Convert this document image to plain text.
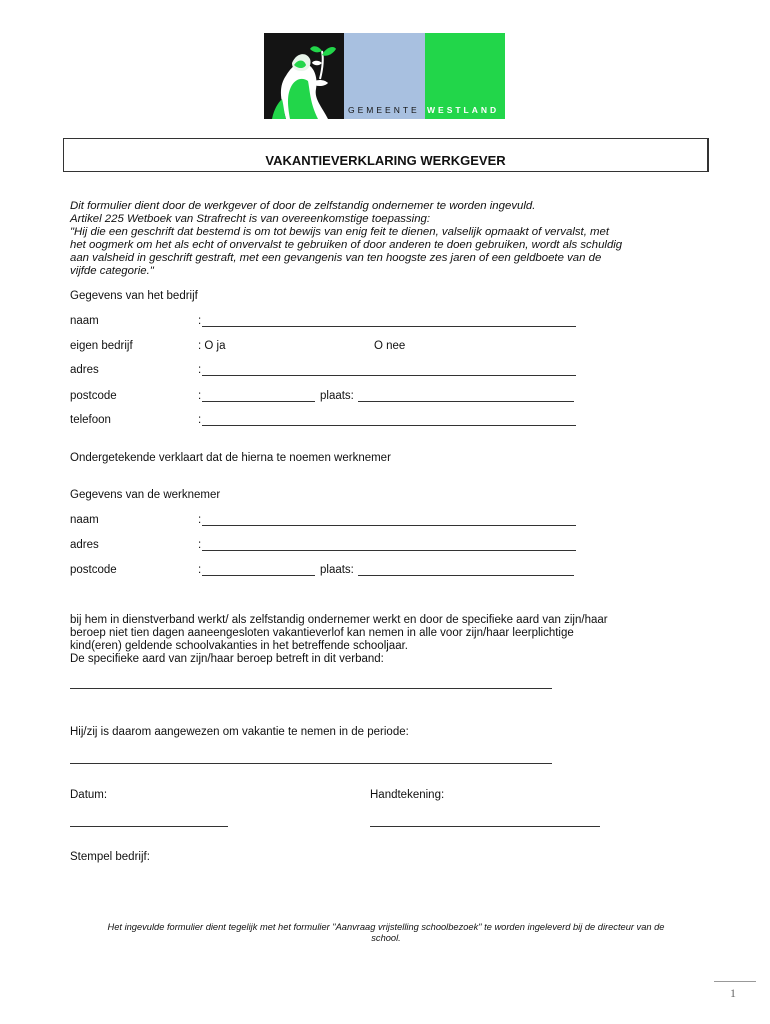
GEMEENTE WESTLAND
VAKANTIEVERKLARING WERKGEVER
Dit formulier dient door de werkgever of door de zelfstandig ondernemer te worden ingevuld.
Artikel 225 Wetboek van Strafrecht is van overeenkomstige toepassing:
"Hij die een geschrift dat bestemd is om tot bewijs van enig feit te dienen, valselijk opmaakt of vervalst, met
het oogmerk om het als echt of onvervalst te gebruiken of door anderen te doen gebruiken, wordt als schuldig
aan valsheid in geschrift gestraft, met een gevangenis van ten hoogste zes jaren of een geldboete van de
vijfde categorie."
Gegevens van het bedrijf
naam	:
eigen bedrijf	: O ja	O nee
adres	:
postcode	:	plaats:
telefoon	:
Ondergetekende verklaart dat de hierna te noemen werknemer
Gegevens van de werknemer
naam	:
adres	:
postcode	:	plaats:
bij hem in dienstverband werkt/ als zelfstandig ondernemer werkt en door de specifieke aard van zijn/haar
beroep niet tien dagen aaneengesloten vakantieverlof kan nemen in alle voor zijn/haar leerplichtige
kind(eren) geldende schoolvakanties in het betreffende schooljaar.
De specifieke aard van zijn/haar beroep betreft in dit verband:
Hij/zij is daarom aangewezen om vakantie te nemen in de periode:
Datum:	Handtekening:
Stempel bedrijf:
Het ingevulde formulier dient tegelijk met het formulier "Aanvraag vrijstelling schoolbezoek" te worden ingeleverd bij de directeur van de
school.
1
